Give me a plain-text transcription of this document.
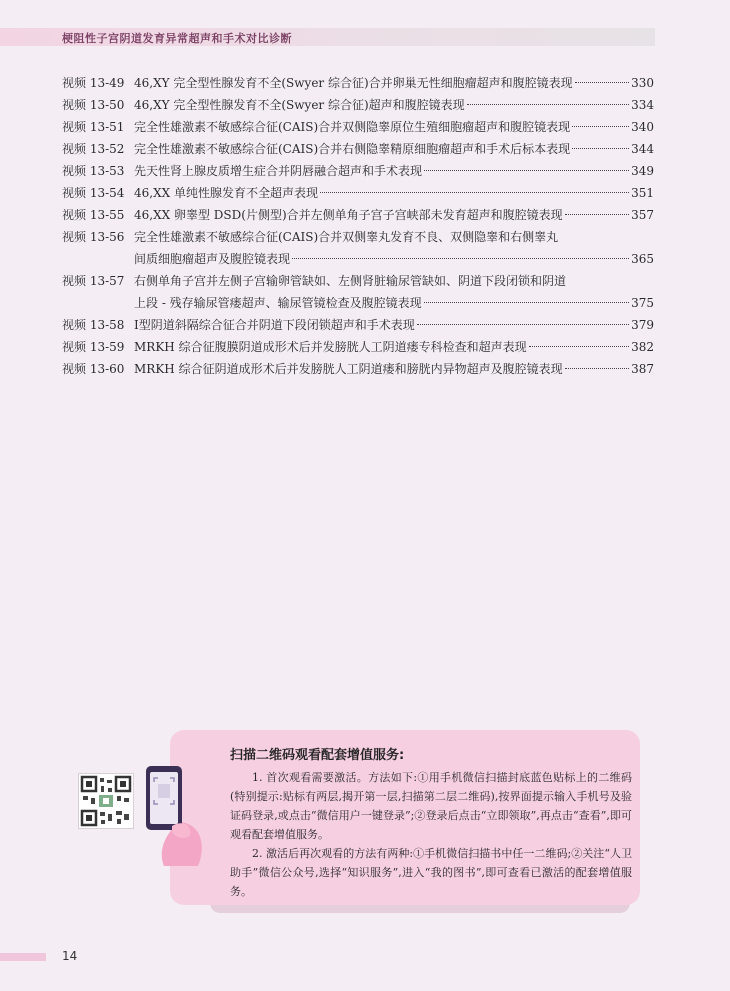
梗阻性子宫阴道发育异常超声和手术对比诊断
视频 13-49 46,XY 完全型性腺发育不全(Swyer 综合征)合并卵巢无性细胞瘤超声和腹腔镜表现	330
视频 13-50 46,XY 完全型性腺发育不全(Swyer 综合征)超声和腹腔镜表现	334
视频 13-51 完全性雄激素不敏感综合征(CAIS)合并双侧隐睾原位生殖细胞瘤超声和腹腔镜表现	340
视频 13-52 完全性雄激素不敏感综合征(CAIS)合并右侧隐睾精原细胞瘤超声和手术后标本表现	344
视频 13-53 先天性肾上腺皮质增生症合并阴唇融合超声和手术表现	349
视频 13-54 46,XX 单纯性腺发育不全超声表现	351
视频 13-55 46,XX 卵睾型 DSD(片侧型)合并左侧单角子宫子宫峡部未发育超声和腹腔镜表现	357
视频 13-56 完全性雄激素不敏感综合征(CAIS)合并双侧睾丸发育不良、双侧隐睾和右侧睾丸
间质细胞瘤超声及腹腔镜表现	365
视频 13-57 右侧单角子宫并左侧子宫输卵管缺如、左侧肾脏输尿管缺如、阴道下段闭锁和阴道
上段 - 残存输尿管瘘超声、输尿管镜检查及腹腔镜表现	375
视频 13-58 Ⅰ型阴道斜隔综合征合并阴道下段闭锁超声和手术表现	379
视频 13-59 MRKH 综合征腹膜阴道成形术后并发膀胱人工阴道瘘专科检查和超声表现	382
视频 13-60 MRKH 综合征阴道成形术后并发膀胱人工阴道瘘和膀胱内异物超声及腹腔镜表现	387
扫描二维码观看配套增值服务:

1. 首次观看需要激活。方法如下:①用手机微信扫描封底蓝色贴标上的二维码(特别提示:贴标有两层,揭开第一层,扫描第二层二维码),按界面提示输入手机号及验证码登录,或点击“微信用户一键登录”;②登录后点击“立即领取”,再点击“查看”,即可观看配套增值服务。

2. 激活后再次观看的方法有两种:①手机微信扫描书中任一二维码;②关注“人卫助手”微信公众号,选择“知识服务”,进入“我的图书”,即可查看已激活的配套增值服务。

14
